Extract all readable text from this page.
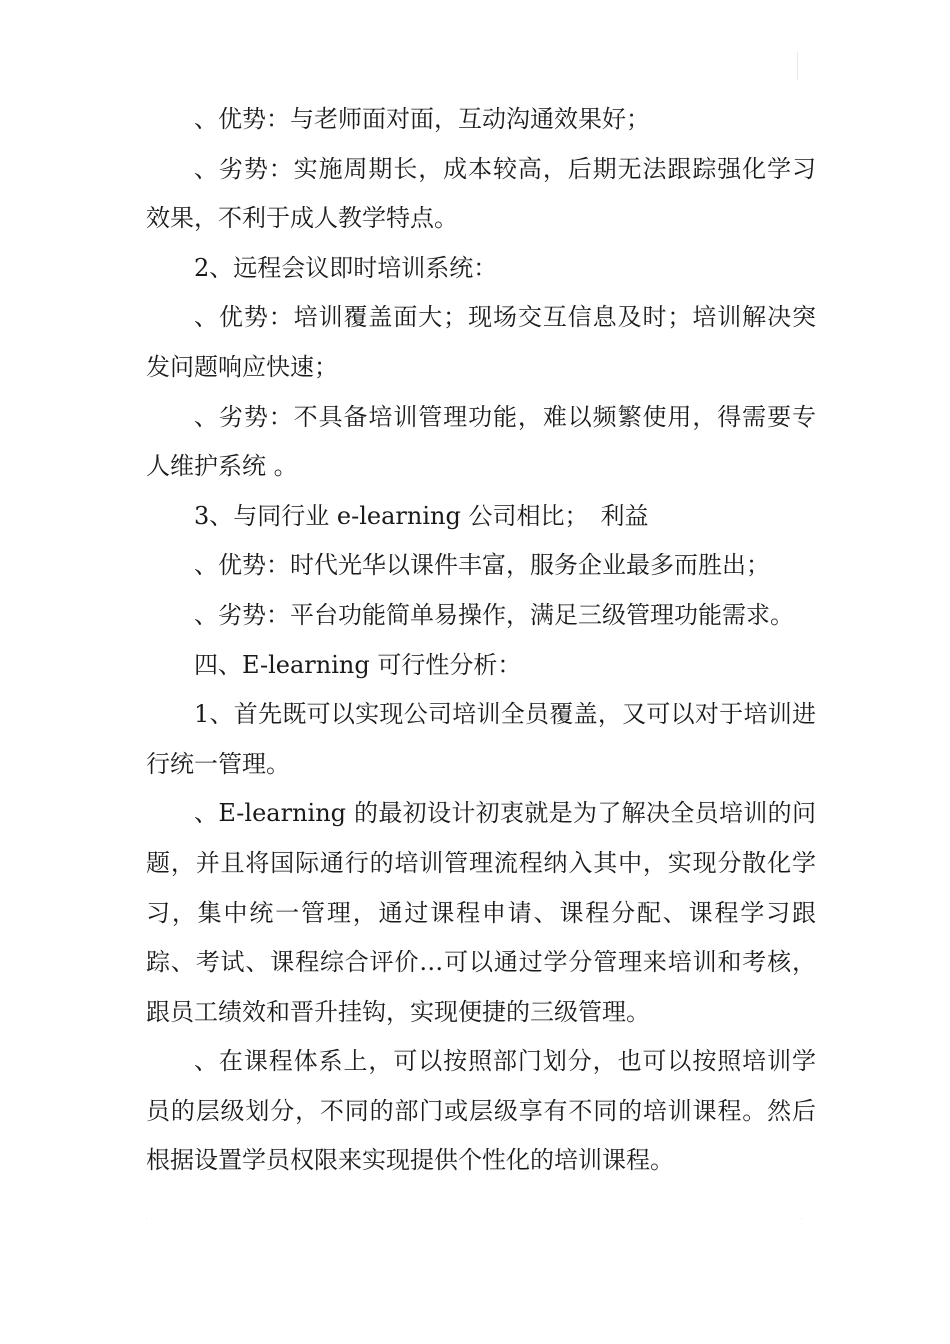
、优势：与老师面对面，互动沟通效果好；

、劣势：实施周期长，成本较高，后期无法跟踪强化学习效果，不利于成人教学特点。

2、远程会议即时培训系统：

、优势：培训覆盖面大；现场交互信息及时；培训解决突发问题响应快速；

、劣势：不具备培训管理功能，难以频繁使用，得需要专人维护系统 。

3、与同行业 e-learning 公司相比；　利益

、优势：时代光华以课件丰富，服务企业最多而胜出；

、劣势：平台功能简单易操作，满足三级管理功能需求。

四、E-learning 可行性分析：

1、首先既可以实现公司培训全员覆盖，又可以对于培训进行统一管理。

、E-learning 的最初设计初衷就是为了解决全员培训的问题，并且将国际通行的培训管理流程纳入其中，实现分散化学习，集中统一管理，通过课程申请、课程分配、课程学习跟踪、考试、课程综合评价…可以通过学分管理来培训和考核，跟员工绩效和晋升挂钩，实现便捷的三级管理。

、在课程体系上，可以按照部门划分，也可以按照培训学员的层级划分，不同的部门或层级享有不同的培训课程。然后根据设置学员权限来实现提供个性化的培训课程。
